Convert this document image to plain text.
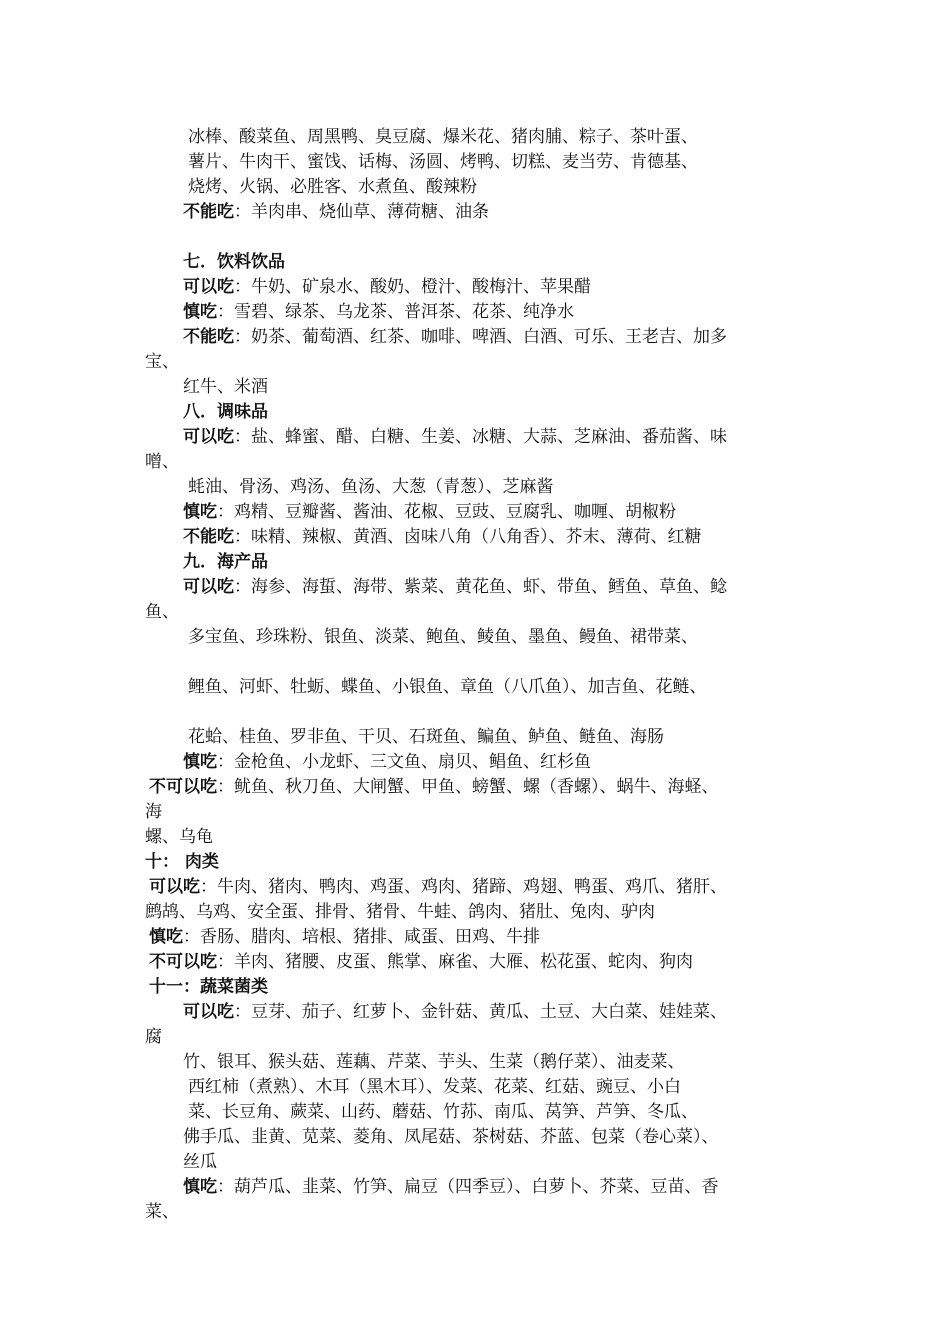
冰棒、酸菜鱼、周黑鸭、臭豆腐、爆米花、猪肉脯、粽子、茶叶蛋、
薯片、牛肉干、蜜饯、话梅、汤圆、烤鸭、切糕、麦当劳、肯德基、
烧烤、火锅、必胜客、水煮鱼、酸辣粉
不能吃：羊肉串、烧仙草、薄荷糖、油条
七．饮料饮品
可以吃：牛奶、矿泉水、酸奶、橙汁、酸梅汁、苹果醋
慎吃：雪碧、绿茶、乌龙茶、普洱茶、花茶、纯净水
不能吃：奶茶、葡萄酒、红茶、咖啡、啤酒、白酒、可乐、王老吉、加多
宝、
红牛、米酒
八．调味品
可以吃：盐、蜂蜜、醋、白糖、生姜、冰糖、大蒜、芝麻油、番茄酱、味
噌、
蚝油、骨汤、鸡汤、鱼汤、大葱（青葱）、芝麻酱
慎吃：鸡精、豆瓣酱、酱油、花椒、豆豉、豆腐乳、咖喱、胡椒粉
不能吃：味精、辣椒、黄酒、卤味八角（八角香）、芥末、薄荷、红糖
九．海产品
可以吃：海参、海蜇、海带、紫菜、黄花鱼、虾、带鱼、鳕鱼、草鱼、鲶
鱼、
多宝鱼、珍珠粉、银鱼、淡菜、鲍鱼、鲮鱼、墨鱼、鳗鱼、裙带菜、
鲤鱼、河虾、牡蛎、蝶鱼、小银鱼、章鱼（八爪鱼）、加吉鱼、花鲢、
花蛤、桂鱼、罗非鱼、干贝、石斑鱼、鳊鱼、鲈鱼、鲢鱼、海肠
慎吃：金枪鱼、小龙虾、三文鱼、扇贝、鲳鱼、红杉鱼
不可以吃：鱿鱼、秋刀鱼、大闸蟹、甲鱼、螃蟹、螺（香螺）、蜗牛、海蛏、
海
螺、乌龟
十： 肉类
可以吃：牛肉、猪肉、鸭肉、鸡蛋、鸡肉、猪蹄、鸡翅、鸭蛋、鸡爪、猪肝、
鹧鸪、乌鸡、安全蛋、排骨、猪骨、牛蛙、鸽肉、猪肚、兔肉、驴肉
慎吃：香肠、腊肉、培根、猪排、咸蛋、田鸡、牛排
不可以吃：羊肉、猪腰、皮蛋、熊掌、麻雀、大雁、松花蛋、蛇肉、狗肉
十一：蔬菜菌类
可以吃：豆芽、茄子、红萝卜、金针菇、黄瓜、土豆、大白菜、娃娃菜、
腐
竹、银耳、猴头菇、莲藕、芹菜、芋头、生菜（鹅仔菜）、油麦菜、
西红柿（煮熟）、木耳（黑木耳）、发菜、花菜、红菇、豌豆、小白
菜、长豆角、蕨菜、山药、蘑菇、竹荪、南瓜、莴笋、芦笋、冬瓜、
佛手瓜、韭黄、苋菜、菱角、凤尾菇、茶树菇、芥蓝、包菜（卷心菜）、
丝瓜
慎吃：葫芦瓜、韭菜、竹笋、扁豆（四季豆）、白萝卜、芥菜、豆苗、香
菜、
